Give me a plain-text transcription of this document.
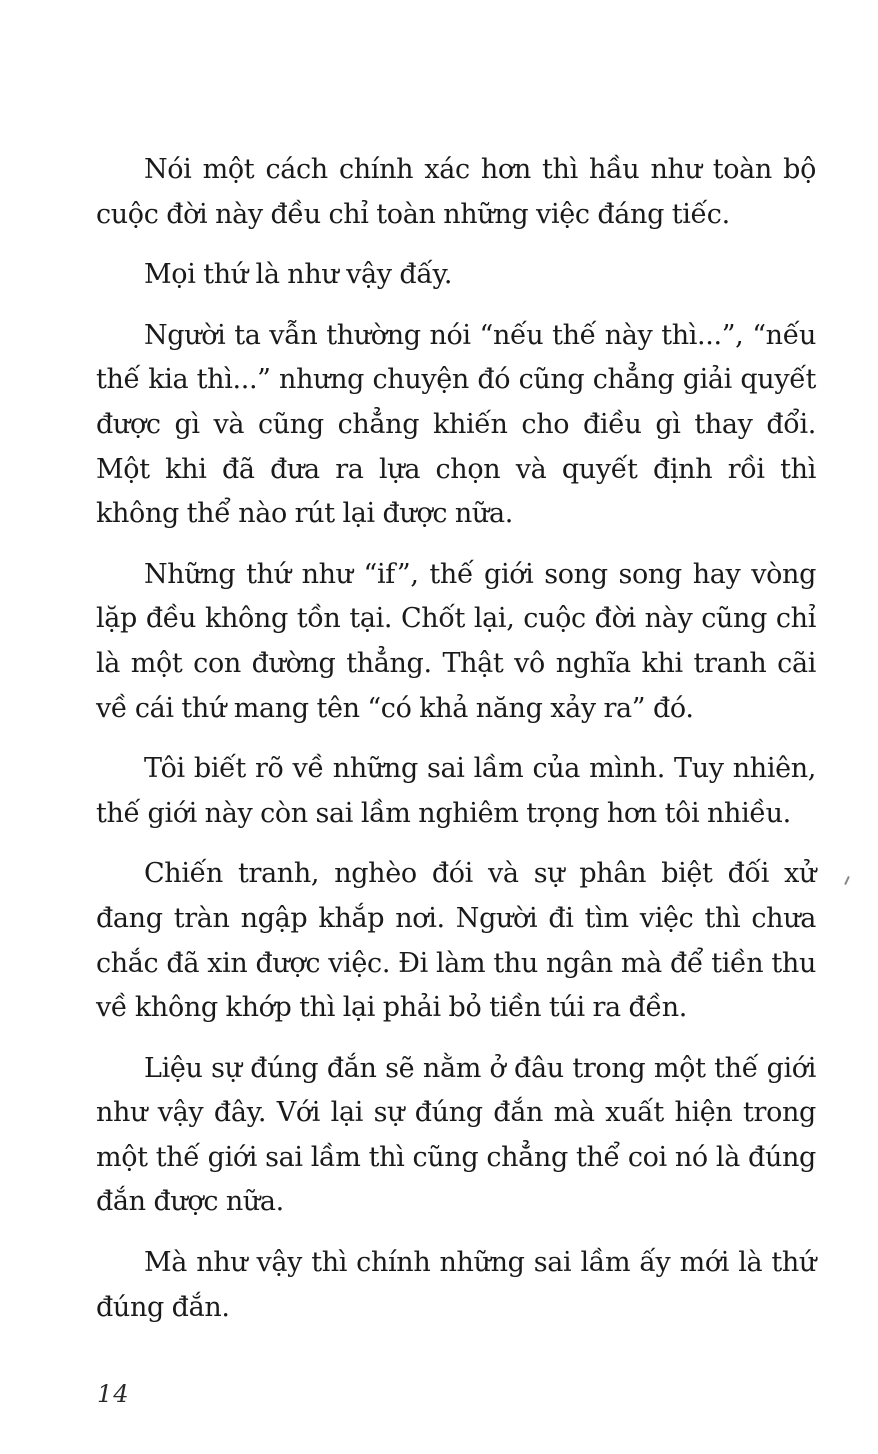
Nói một cách chính xác hơn thì hầu như toàn bộ cuộc đời này đều chỉ toàn những việc đáng tiếc.

Mọi thứ là như vậy đấy.

Người ta vẫn thường nói “nếu thế này thì...”, “nếu thế kia thì...” nhưng chuyện đó cũng chẳng giải quyết được gì và cũng chẳng khiến cho điều gì thay đổi. Một khi đã đưa ra lựa chọn và quyết định rồi thì không thể nào rút lại được nữa.

Những thứ như “if”, thế giới song song hay vòng lặp đều không tồn tại. Chốt lại, cuộc đời này cũng chỉ là một con đường thẳng. Thật vô nghĩa khi tranh cãi về cái thứ mang tên “có khả năng xảy ra” đó.

Tôi biết rõ về những sai lầm của mình. Tuy nhiên, thế giới này còn sai lầm nghiêm trọng hơn tôi nhiều.

Chiến tranh, nghèo đói và sự phân biệt đối xử đang tràn ngập khắp nơi. Người đi tìm việc thì chưa chắc đã xin được việc. Đi làm thu ngân mà để tiền thu về không khớp thì lại phải bỏ tiền túi ra đền.

Liệu sự đúng đắn sẽ nằm ở đâu trong một thế giới như vậy đây. Với lại sự đúng đắn mà xuất hiện trong một thế giới sai lầm thì cũng chẳng thể coi nó là đúng đắn được nữa.

Mà như vậy thì chính những sai lầm ấy mới là thứ đúng đắn.

14
